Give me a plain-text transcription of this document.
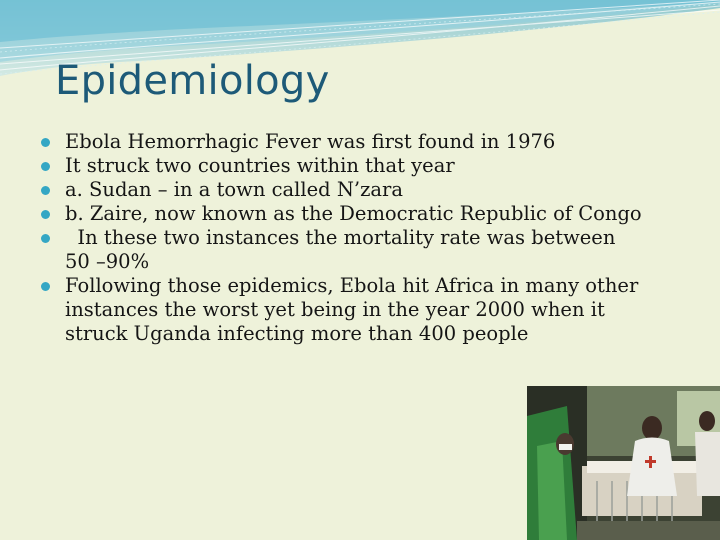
Epidemiology
Ebola Hemorrhagic Fever was first found in 1976
It struck two countries within that year
a. Sudan – in a town called N’zara
b. Zaire, now known as the Democratic Republic of Congo
In these two instances the mortality rate was between    50 –90%
Following those epidemics, Ebola hit Africa in many other instances the worst yet being in the year 2000 when it struck Uganda infecting more than 400 people
